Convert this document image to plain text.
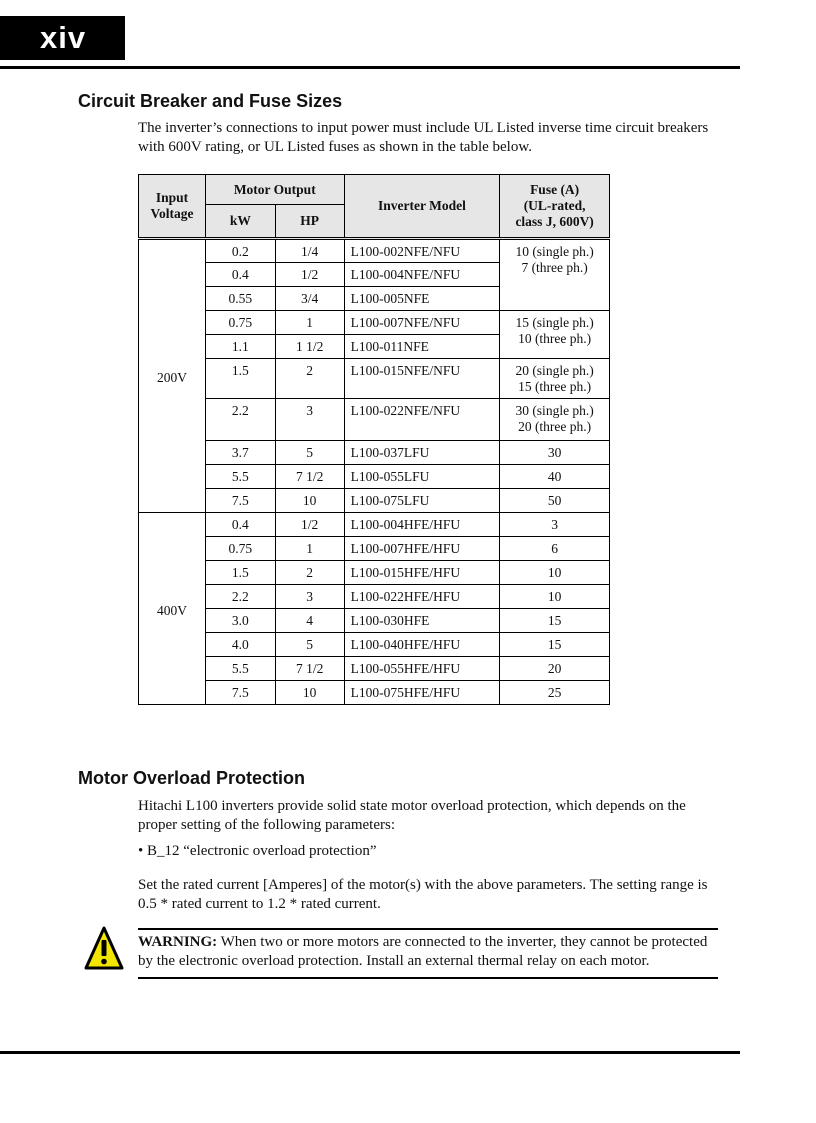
xiv
Circuit Breaker and Fuse Sizes

The inverter’s connections to input power must include UL Listed inverse time circuit breakers with 600V rating, or UL Listed fuses as shown in the table below.

Input
Voltage	Motor Output		Inverter Model	Fuse (A)
(UL-rated,
class J, 600V)
	kW	HP		
200V	0.2	1/4	L100-002NFE/NFU	10 (single ph.)
7 (three ph.)
	0.4	1/2	L100-004NFE/NFU	
	0.55	3/4	L100-005NFE	
	0.75	1	L100-007NFE/NFU	15 (single ph.)
10 (three ph.)
	1.1	1 1/2	L100-011NFE	
	1.5	2	L100-015NFE/NFU	20 (single ph.)
15 (three ph.)
	2.2	3	L100-022NFE/NFU	30 (single ph.)
20 (three ph.)
	3.7	5	L100-037LFU	30
	5.5	7 1/2	L100-055LFU	40
	7.5	10	L100-075LFU	50
400V	0.4	1/2	L100-004HFE/HFU	3
	0.75	1	L100-007HFE/HFU	6
	1.5	2	L100-015HFE/HFU	10
	2.2	3	L100-022HFE/HFU	10
	3.0	4	L100-030HFE	15
	4.0	5	L100-040HFE/HFU	15
	5.5	7 1/2	L100-055HFE/HFU	20
	7.5	10	L100-075HFE/HFU	25
Motor Overload Protection

Hitachi L100 inverters provide solid state motor overload protection, which depends on the proper setting of the following parameters:

• B_12 “electronic overload protection”

Set the rated current [Amperes] of the motor(s) with the above parameters. The setting range is 0.5 * rated current to 1.2 * rated current.

WARNING: When two or more motors are connected to the inverter, they cannot be protected by the electronic overload protection. Install an external thermal relay on each motor.
